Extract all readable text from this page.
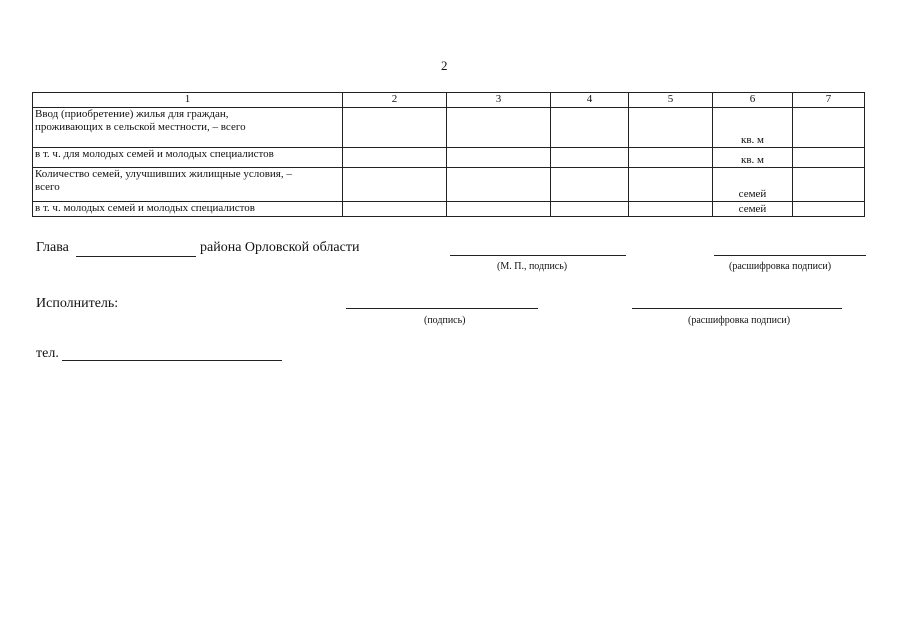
2
1	2	3	4	5	6	7

Ввод (приобретение) жилья для граждан,
проживающих в сельской местности, – всего					кв. м	

в т. ч. для молодых семей и молодых специалистов					кв. м	

Количество семей, улучшивших жилищные условия, –
всего					семей	

в т. ч. молодых семей и молодых специалистов					семей	
Глава	района Орловской области
(М. П., подпись)	(расшифровка подписи)
Исполнитель:
(подпись)	(расшифровка подписи)
тел.
